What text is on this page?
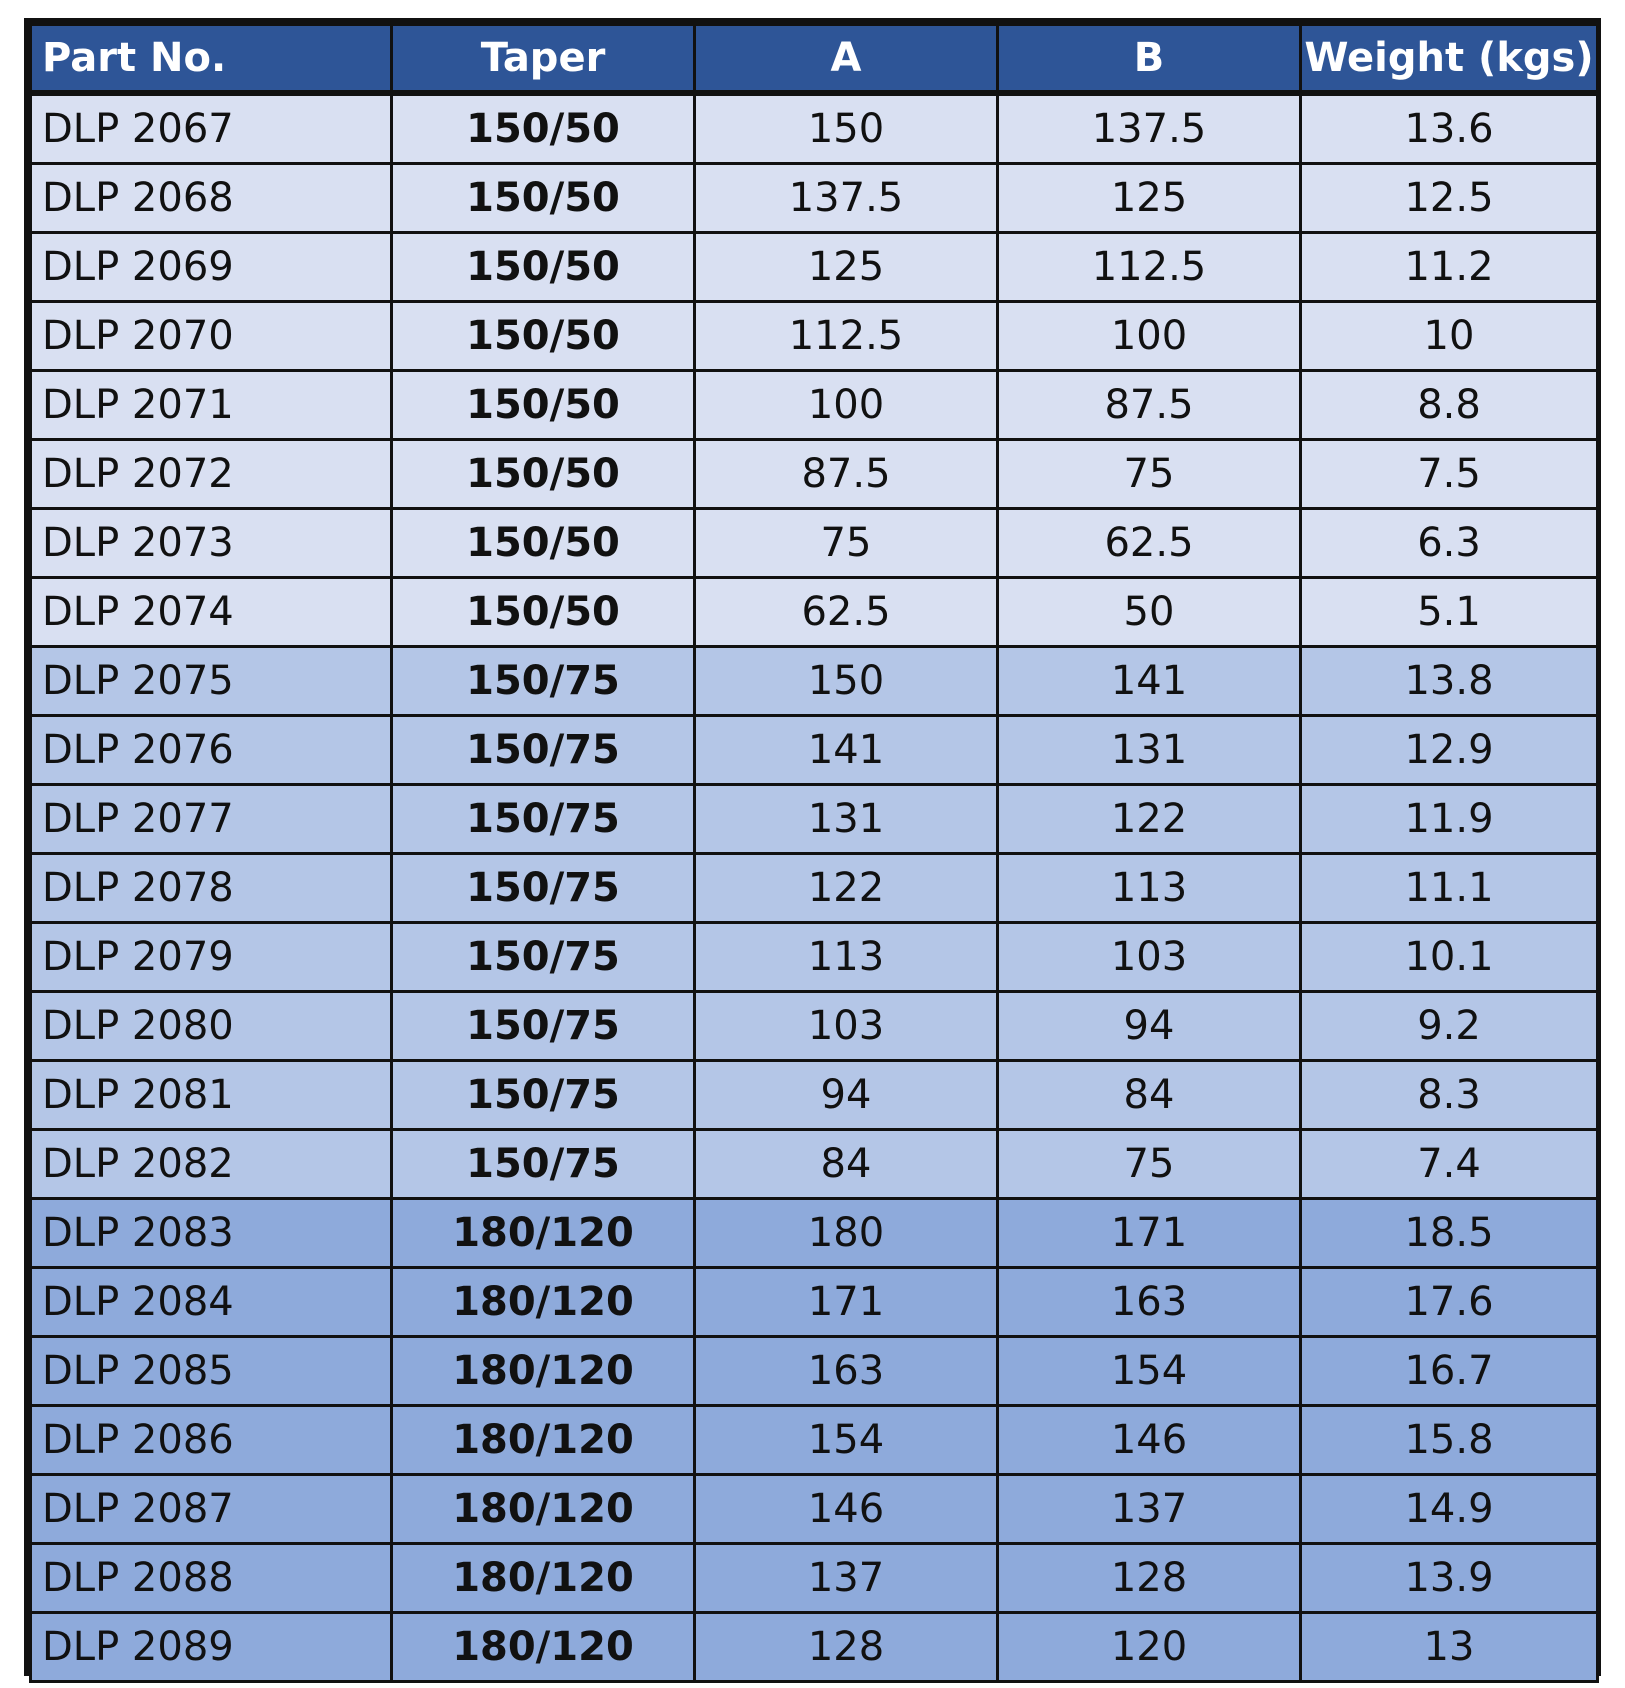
Part No.	Taper	A	B	Weight (kgs)
DLP 2067	150/50	150	137.5	13.6
DLP 2068	150/50	137.5	125	12.5
DLP 2069	150/50	125	112.5	11.2
DLP 2070	150/50	112.5	100	10
DLP 2071	150/50	100	87.5	8.8
DLP 2072	150/50	87.5	75	7.5
DLP 2073	150/50	75	62.5	6.3
DLP 2074	150/50	62.5	50	5.1
DLP 2075	150/75	150	141	13.8
DLP 2076	150/75	141	131	12.9
DLP 2077	150/75	131	122	11.9
DLP 2078	150/75	122	113	11.1
DLP 2079	150/75	113	103	10.1
DLP 2080	150/75	103	94	9.2
DLP 2081	150/75	94	84	8.3
DLP 2082	150/75	84	75	7.4
DLP 2083	180/120	180	171	18.5
DLP 2084	180/120	171	163	17.6
DLP 2085	180/120	163	154	16.7
DLP 2086	180/120	154	146	15.8
DLP 2087	180/120	146	137	14.9
DLP 2088	180/120	137	128	13.9
DLP 2089	180/120	128	120	13
